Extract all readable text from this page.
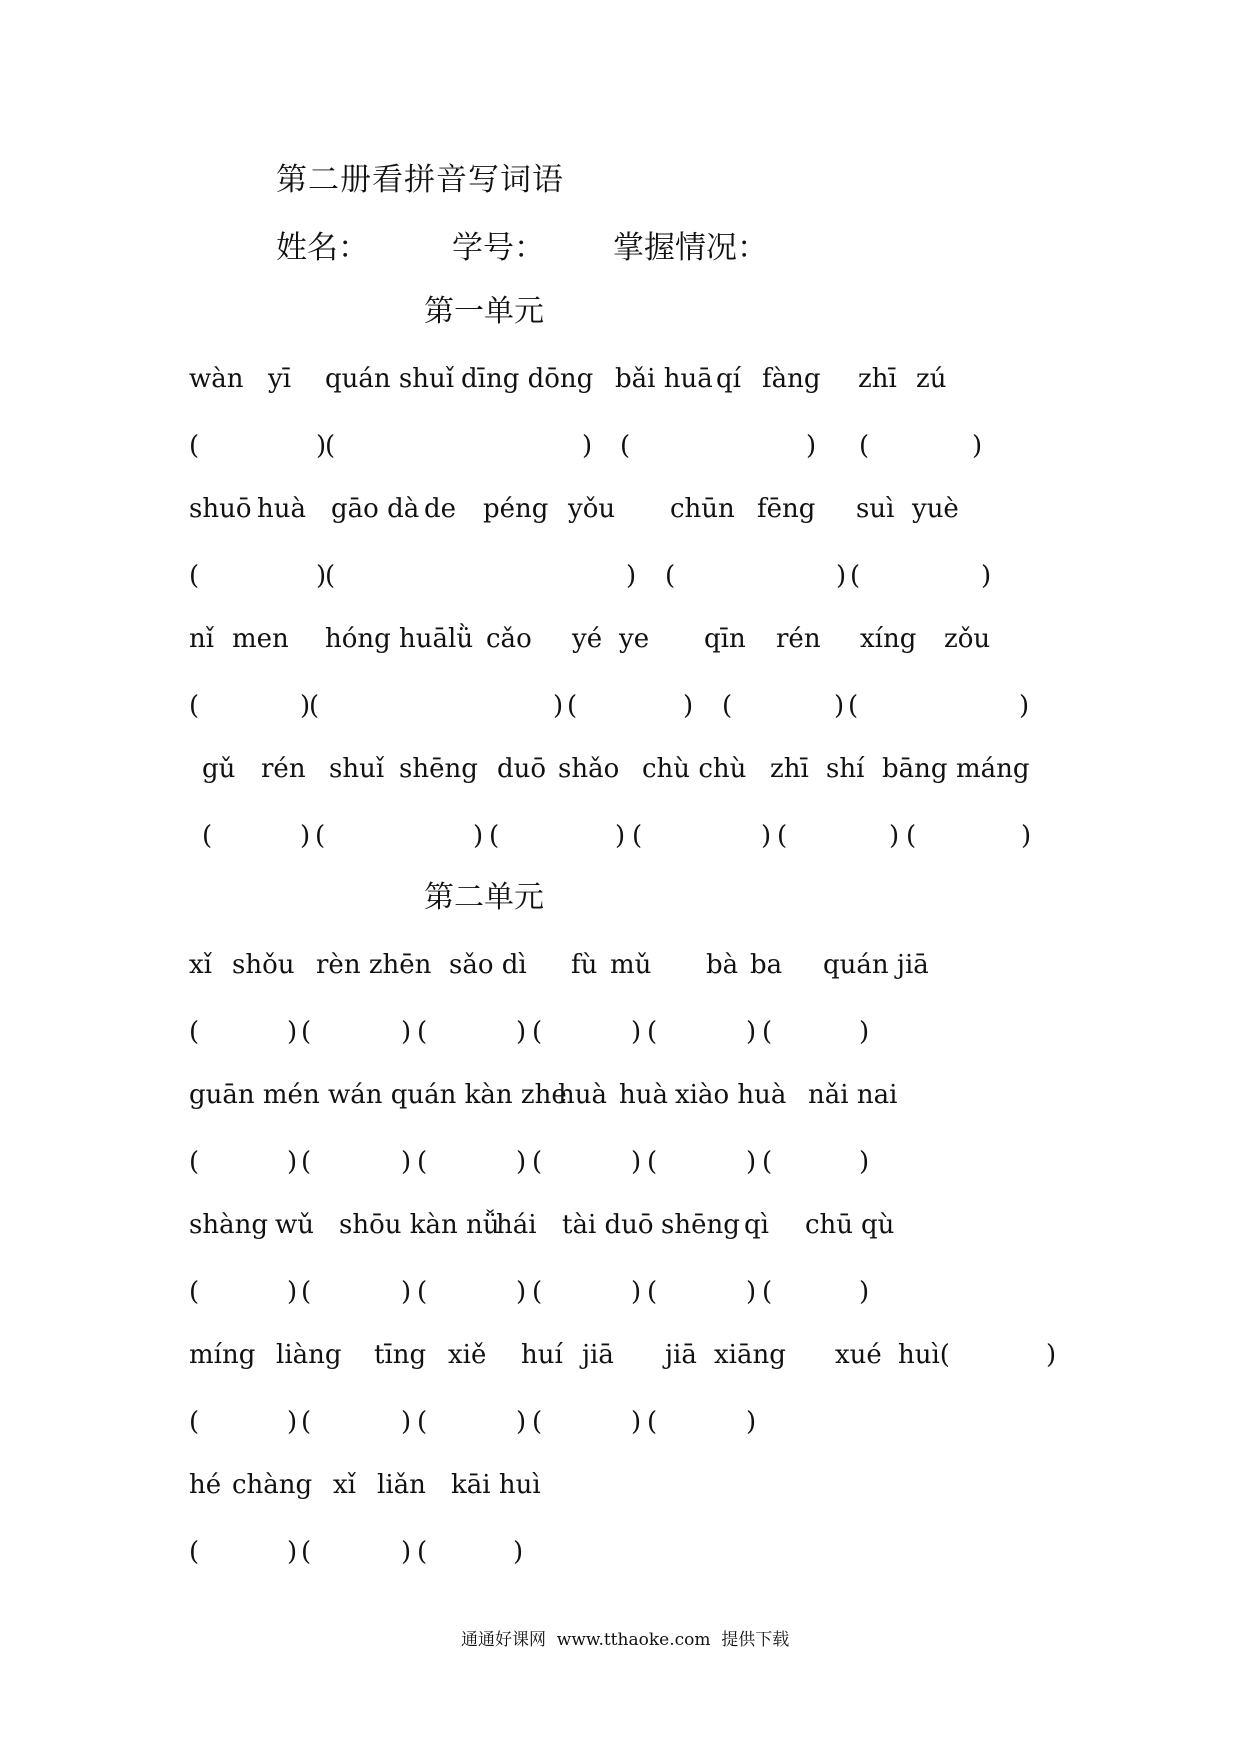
第二册看拼音写词语
姓名：	学号： 掌握情况：
第一单元
wàn yī quán shuǐ dīng dōng bǎi huā qí fàng zhī zú
(	)
(	) (	) (	)
shuō huà gāo dà de péng yǒu chūn fēng suì yuè
(	)
(	) (	) (	)
nǐ men hóng huā lǜ cǎo yé ye qīn rén xíng zǒu
(	)
(	) (	) (	) (	)
gǔ rén shuǐ shēng duō shǎo chù chù zhī shí bāng máng
(	) (	) (	) (	) (	) (	)
第二单元
xǐ shǒu rèn zhēn sǎo dì fù mǔ bà ba quán jiā
(	) (	) (	) (	) (	) (	)
guān mén wán quán kàn zhe
huà huà xiào huà nǎi nai
(	) (	) (	) (	) (	) (	)
shàng wǔ shōu kàn nǚ
hái tài duō shēng qì chū qù
(	) (	) (	) (	) (	) (	)
míng liàng tīng xiě huí jiā jiā xiāng xué huì(	)
(	) (	) (	) (	) (	)
hé chàng xǐ liǎn kāi huì
(	) (	) (	)
通通好课网  www.tthaoke.com  提供下载
